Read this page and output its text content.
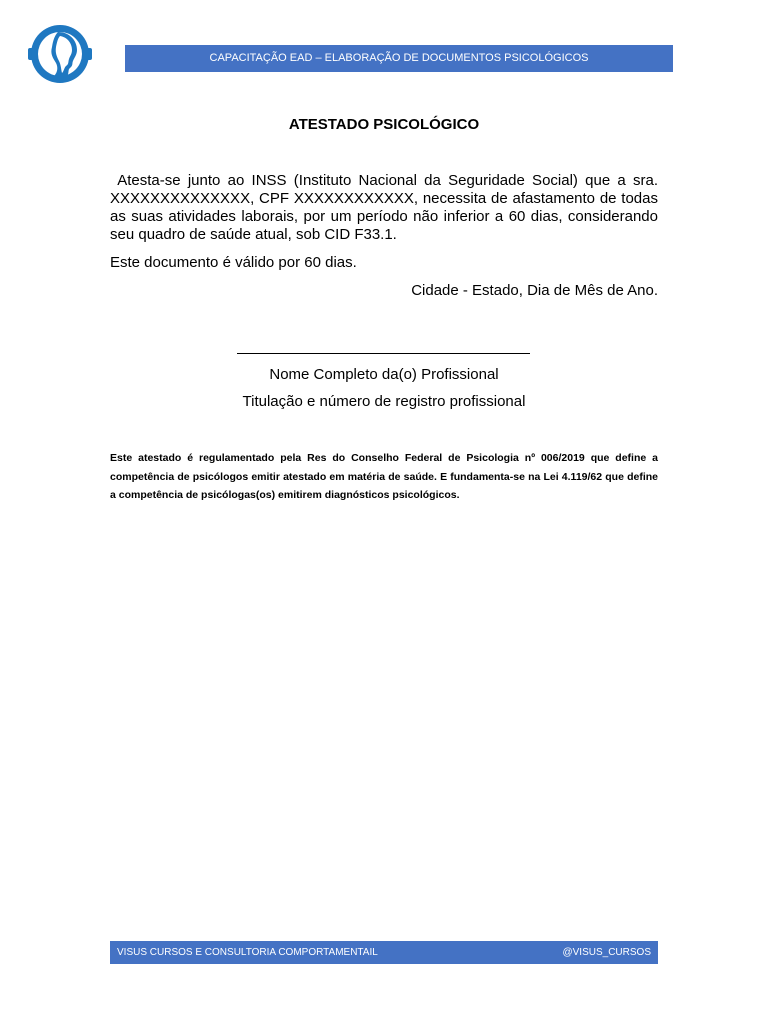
CAPACITAÇÃO EAD – ELABORAÇÃO DE DOCUMENTOS PSICOLÓGICOS
ATESTADO PSICOLÓGICO

Atesta-se junto ao INSS (Instituto Nacional da Seguridade Social) que a sra. XXXXXXXXXXXXXX, CPF XXXXXXXXXXXX, necessita de afastamento de todas as suas atividades laborais, por um período não inferior a 60 dias, considerando seu quadro de saúde atual, sob CID F33.1.

Este documento é válido por 60 dias.
Cidade - Estado, Dia de Mês de Ano.
Nome Completo da(o) Profissional
Titulação e número de registro profissional

Este atestado é regulamentado pela Res do Conselho Federal de Psicologia nº 006/2019 que define a competência de psicólogos emitir atestado em matéria de saúde. E fundamenta-se na Lei 4.119/62 que define a competência de psicólogas(os) emitirem diagnósticos psicológicos.

VISUS CURSOS E CONSULTORIA COMPORTAMENTAIL	@VISUS_CURSOS
